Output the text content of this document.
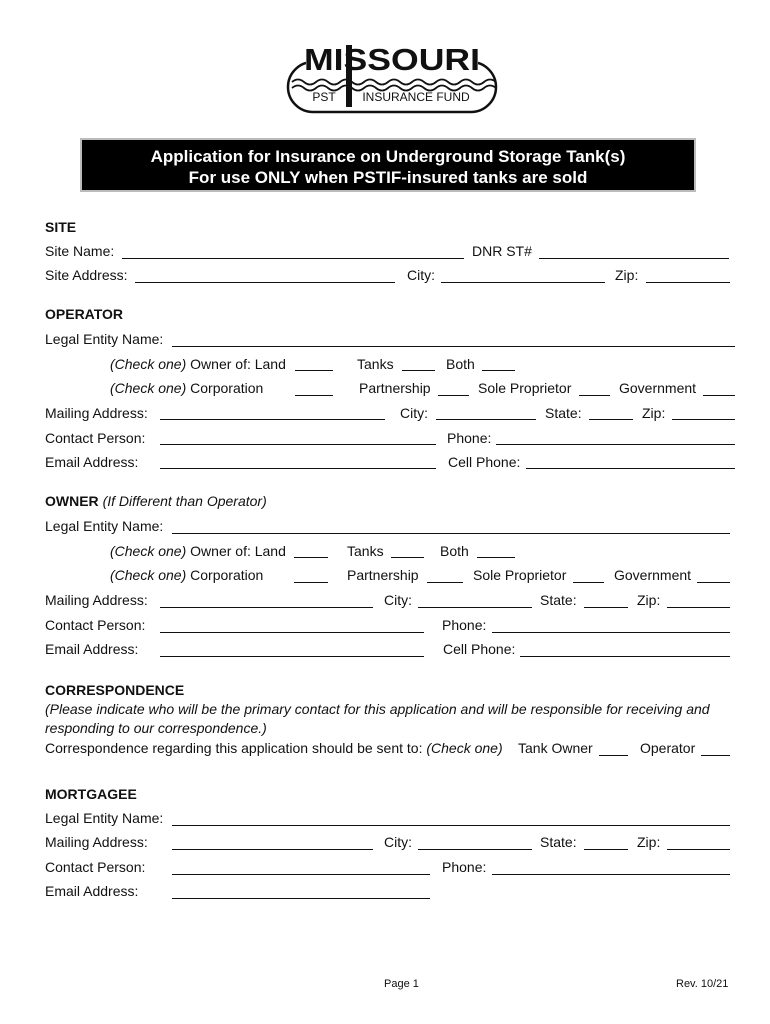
MISSOURI
PST INSURANCE FUND
Application for Insurance on Underground Storage Tank(s)
For use ONLY when PSTIF-insured tanks are sold
SITE
Site Name:	DNR ST#
Site Address:	City:	Zip:
OPERATOR
Legal Entity Name:
(Check one) Owner of: Land	Tanks	Both
(Check one) Corporation	Partnership	Sole Proprietor	Government
Mailing Address:	City:	State:	Zip:
Contact Person:	Phone:
Email Address:	Cell Phone:
OWNER (If Different than Operator)
Legal Entity Name:
(Check one) Owner of: Land	Tanks	Both
(Check one) Corporation	Partnership	Sole Proprietor	Government
Mailing Address:	City:	State:	Zip:
Contact Person:	Phone:
Email Address:	Cell Phone:
CORRESPONDENCE
(Please indicate who will be the primary contact for this application and will be responsible for receiving and
responding to our correspondence.)
Correspondence regarding this application should be sent to: (Check one) Tank Owner	Operator
MORTGAGEE
Legal Entity Name:
Mailing Address:	City:	State:	Zip:
Contact Person:	Phone:
Email Address:
Page 1	Rev. 10/21
